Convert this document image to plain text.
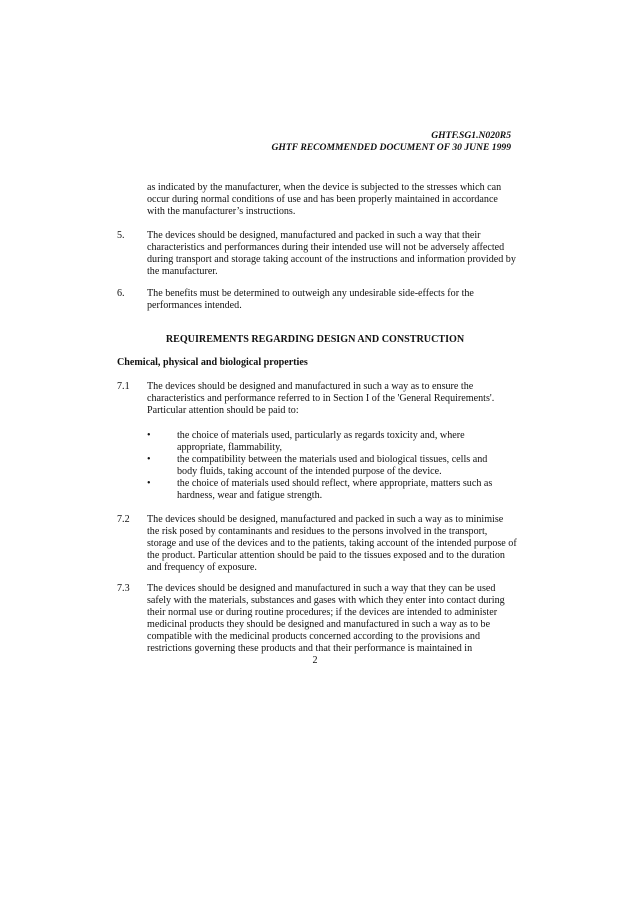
GHTF.SG1.N020R5
GHTF RECOMMENDED DOCUMENT OF 30 JUNE 1999
as indicated by the manufacturer, when the device is subjected to the stresses which can occur during normal conditions of use and has been properly maintained in accordance with the manufacturer’s instructions.
5. The devices should be designed, manufactured and packed in such a way that their characteristics and performances during their intended use will not be adversely affected during transport and storage taking account of the instructions and information provided by the manufacturer.
6. The benefits must be determined to outweigh any undesirable side-effects for the performances intended.
REQUIREMENTS REGARDING DESIGN AND CONSTRUCTION
Chemical, physical and biological properties
7.1 The devices should be designed and manufactured in such a way as to ensure the characteristics and performance referred to in Section I of the 'General Requirements'. Particular attention should be paid to:
•	the choice of materials used, particularly as regards toxicity and, where appropriate, flammability,
•	the compatibility between the materials used and biological tissues, cells and body fluids, taking account of the intended purpose of the device.
•	the choice of materials used should reflect, where appropriate, matters such as hardness, wear and fatigue strength.
7.2 The devices should be designed, manufactured and packed in such a way as to minimise the risk posed by contaminants and residues to the persons involved in the transport, storage and use of the devices and to the patients, taking account of the intended purpose of the product. Particular attention should be paid to the tissues exposed and to the duration and frequency of exposure.
7.3 The devices should be designed and manufactured in such a way that they can be used safely with the materials, substances and gases with which they enter into contact during their normal use or during routine procedures; if the devices are intended to administer medicinal products they should be designed and manufactured in such a way as to be compatible with the medicinal products concerned according to the provisions and restrictions governing these products and that their performance is maintained in
2
